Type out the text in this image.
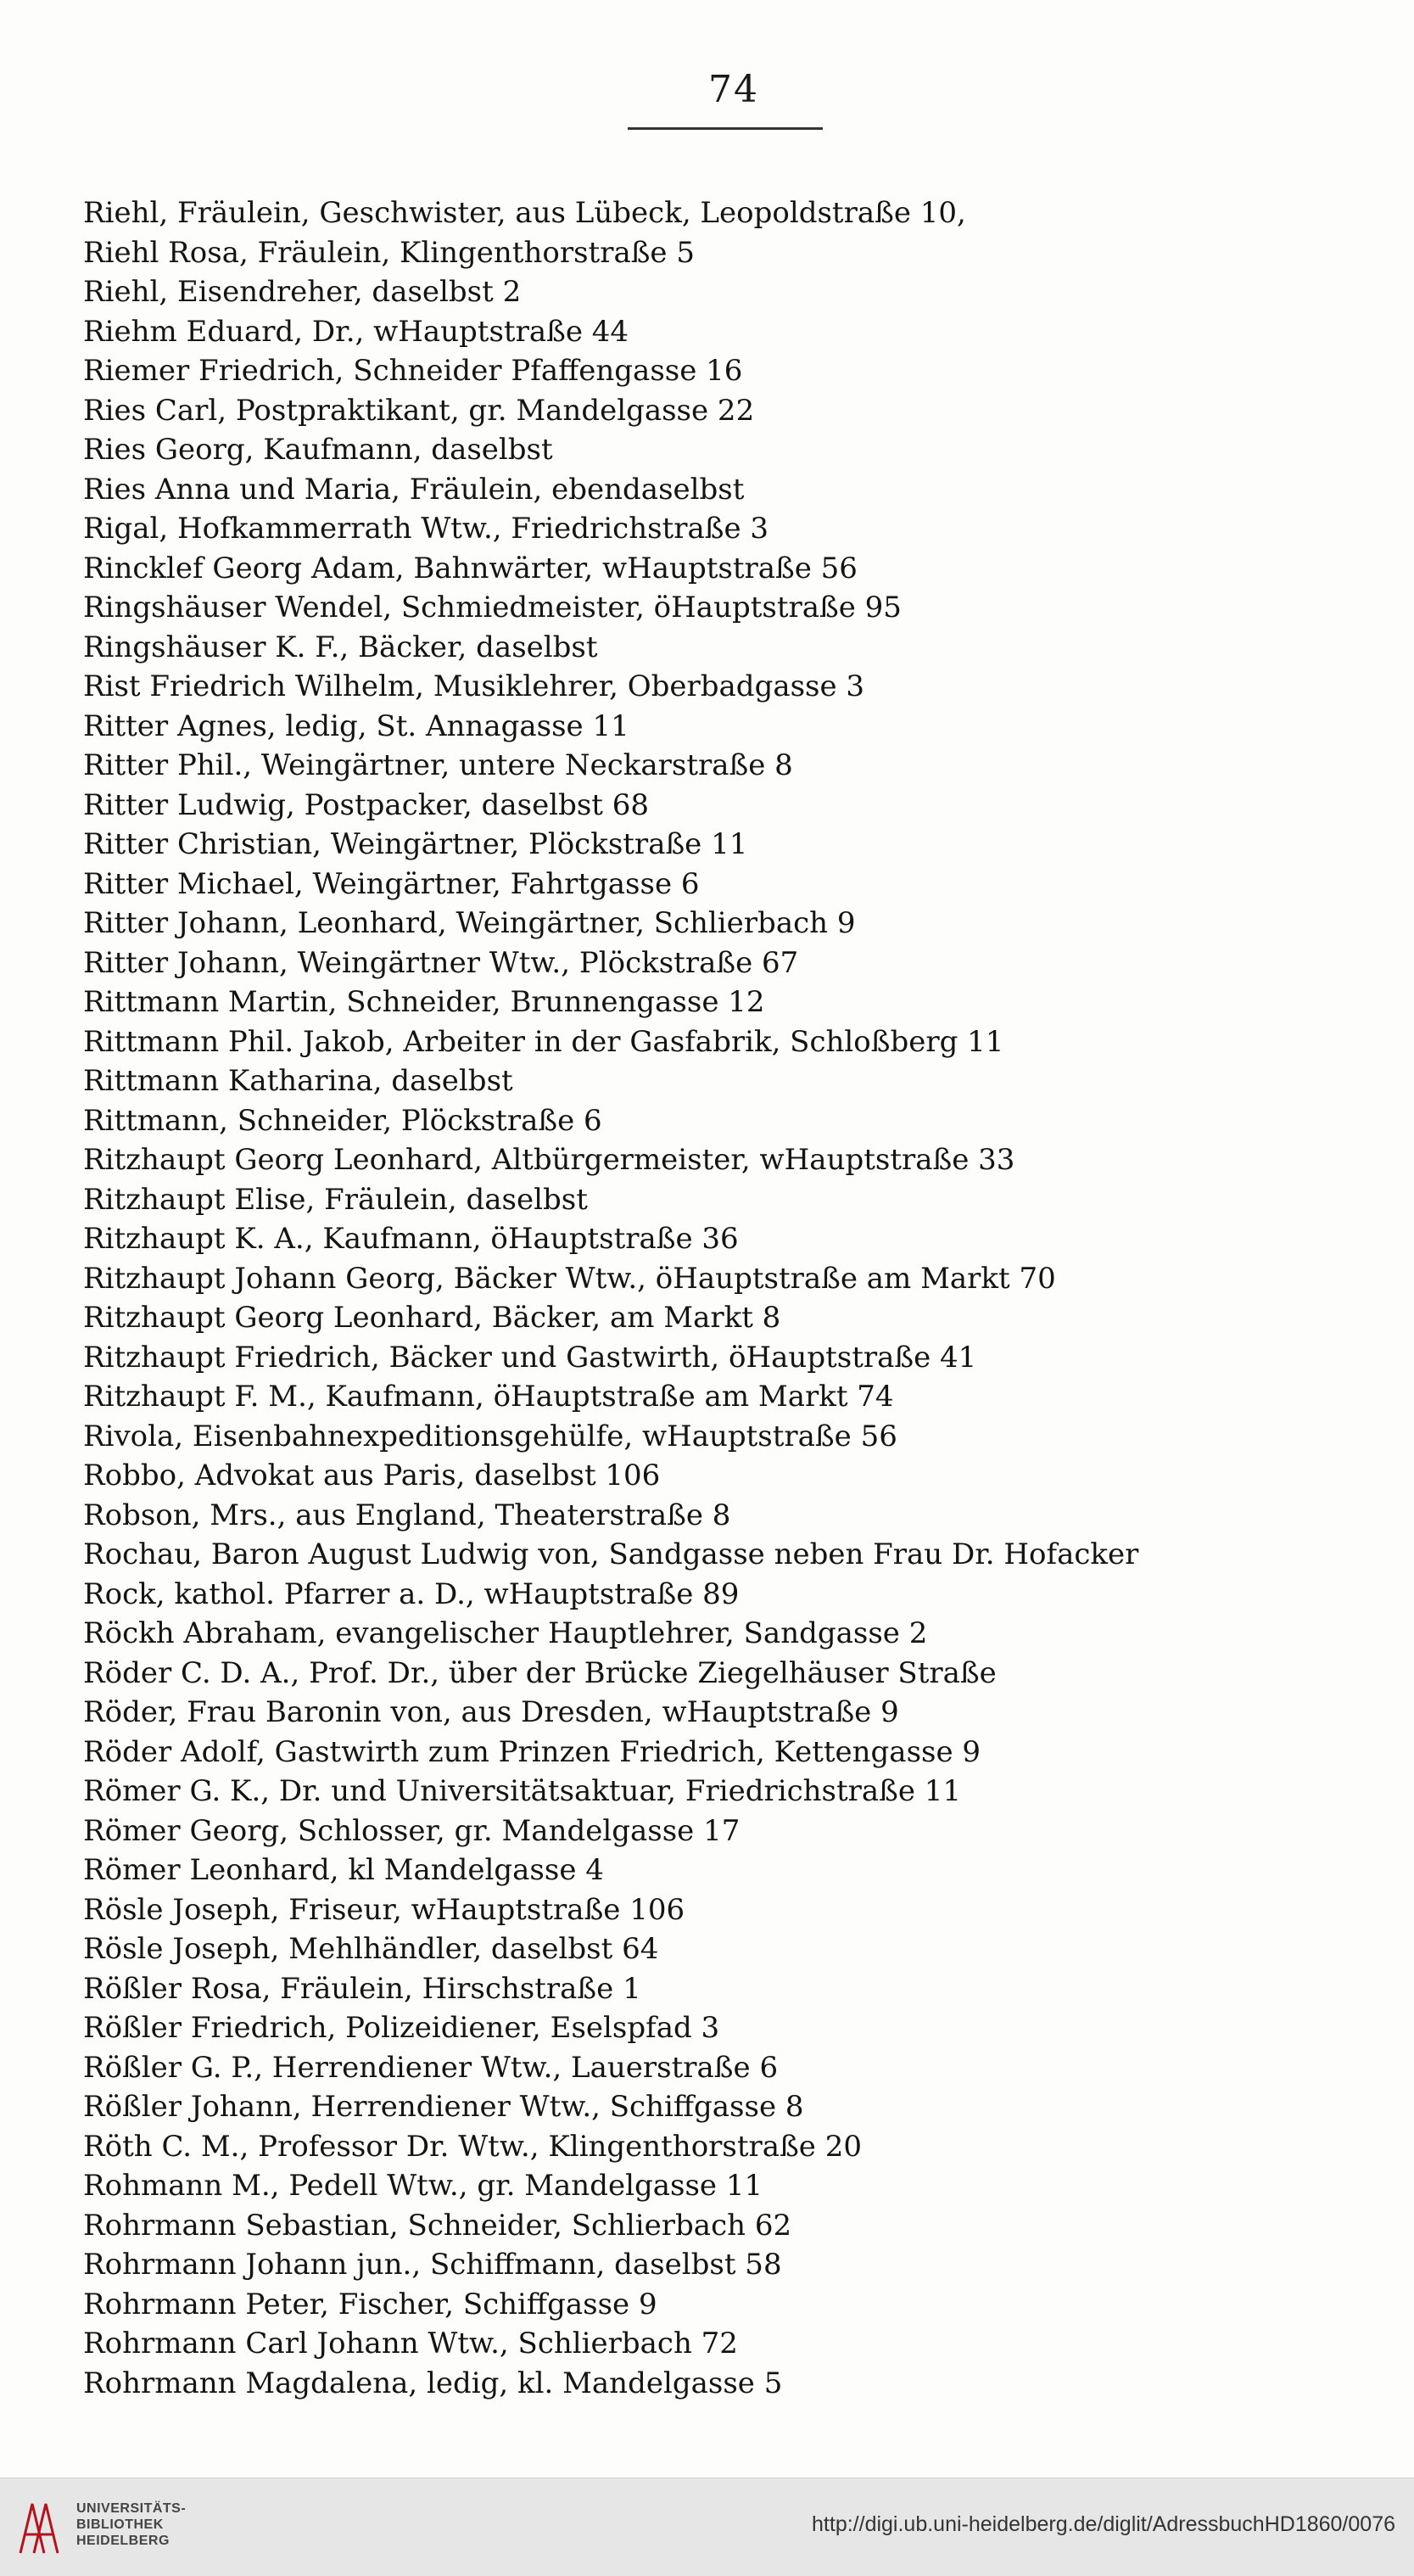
74
Riehl, Fräulein, Geschwister, aus Lübeck, Leopoldstraße 10,
Riehl Rosa, Fräulein, Klingenthorstraße 5
Riehl, Eisendreher, daselbst 2
Riehm Eduard, Dr., wHauptstraße 44
Riemer Friedrich, Schneider Pfaffengasse 16
Ries Carl, Postpraktikant, gr. Mandelgasse 22
Ries Georg, Kaufmann, daselbst
Ries Anna und Maria, Fräulein, ebendaselbst
Rigal, Hofkammerrath Wtw., Friedrichstraße 3
Rincklef Georg Adam, Bahnwärter, wHauptstraße 56
Ringshäuser Wendel, Schmiedmeister, öHauptstraße 95
Ringshäuser K. F., Bäcker, daselbst
Rist Friedrich Wilhelm, Musiklehrer, Oberbadgasse 3
Ritter Agnes, ledig, St. Annagasse 11
Ritter Phil., Weingärtner, untere Neckarstraße 8
Ritter Ludwig, Postpacker, daselbst 68
Ritter Christian, Weingärtner, Plöckstraße 11
Ritter Michael, Weingärtner, Fahrtgasse 6
Ritter Johann, Leonhard, Weingärtner, Schlierbach 9
Ritter Johann, Weingärtner Wtw., Plöckstraße 67
Rittmann Martin, Schneider, Brunnengasse 12
Rittmann Phil. Jakob, Arbeiter in der Gasfabrik, Schloßberg 11
Rittmann Katharina, daselbst
Rittmann, Schneider, Plöckstraße 6
Ritzhaupt Georg Leonhard, Altbürgermeister, wHauptstraße 33
Ritzhaupt Elise, Fräulein, daselbst
Ritzhaupt K. A., Kaufmann, öHauptstraße 36
Ritzhaupt Johann Georg, Bäcker Wtw., öHauptstraße am Markt 70
Ritzhaupt Georg Leonhard, Bäcker, am Markt 8
Ritzhaupt Friedrich, Bäcker und Gastwirth, öHauptstraße 41
Ritzhaupt F. M., Kaufmann, öHauptstraße am Markt 74
Rivola, Eisenbahnexpeditionsgehülfe, wHauptstraße 56
Robbo, Advokat aus Paris, daselbst 106
Robson, Mrs., aus England, Theaterstraße 8
Rochau, Baron August Ludwig von, Sandgasse neben Frau Dr. Hofacker
Rock, kathol. Pfarrer a. D., wHauptstraße 89
Röckh Abraham, evangelischer Hauptlehrer, Sandgasse 2
Röder C. D. A., Prof. Dr., über der Brücke Ziegelhäuser Straße
Röder, Frau Baronin von, aus Dresden, wHauptstraße 9
Röder Adolf, Gastwirth zum Prinzen Friedrich, Kettengasse 9
Römer G. K., Dr. und Universitätsaktuar, Friedrichstraße 11
Römer Georg, Schlosser, gr. Mandelgasse 17
Römer Leonhard, kl Mandelgasse 4
Rösle Joseph, Friseur, wHauptstraße 106
Rösle Joseph, Mehlhändler, daselbst 64
Rößler Rosa, Fräulein, Hirschstraße 1
Rößler Friedrich, Polizeidiener, Eselspfad 3
Rößler G. P., Herrendiener Wtw., Lauerstraße 6
Rößler Johann, Herrendiener Wtw., Schiffgasse 8
Röth C. M., Professor Dr. Wtw., Klingenthorstraße 20
Rohmann M., Pedell Wtw., gr. Mandelgasse 11
Rohrmann Sebastian, Schneider, Schlierbach 62
Rohrmann Johann jun., Schiffmann, daselbst 58
Rohrmann Peter, Fischer, Schiffgasse 9
Rohrmann Carl Johann Wtw., Schlierbach 72
Rohrmann Magdalena, ledig, kl. Mandelgasse 5
UNIVERSITÄTS-
BIBLIOTHEK
HEIDELBERG
http://digi.ub.uni-heidelberg.de/diglit/AdressbuchHD1860/0076
